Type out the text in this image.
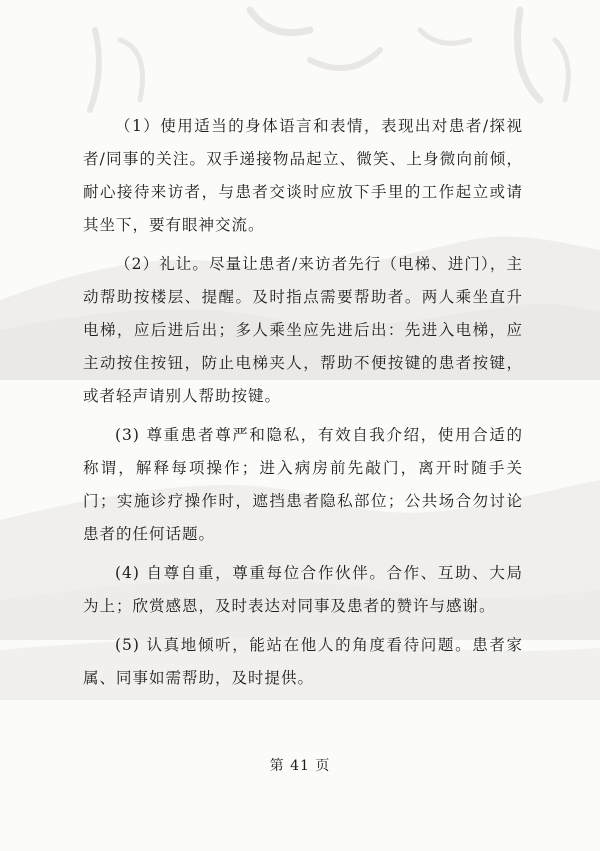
（1）使用适当的身体语言和表情，表现出对患者/探视者/同事的关注。双手递接物品起立、微笑、上身微向前倾，耐心接待来访者，与患者交谈时应放下手里的工作起立或请其坐下，要有眼神交流。

（2）礼让。尽量让患者/来访者先行（电梯、进门），主动帮助按楼层、提醒。及时指点需要帮助者。两人乘坐直升电梯，应后进后出；多人乘坐应先进后出：先进入电梯，应主动按住按钮，防止电梯夹人，帮助不便按键的患者按键，或者轻声请别人帮助按键。

(3) 尊重患者尊严和隐私，有效自我介绍，使用合适的称谓，解释每项操作；进入病房前先敲门，离开时随手关门；实施诊疗操作时，遮挡患者隐私部位；公共场合勿讨论患者的任何话题。

(4) 自尊自重，尊重每位合作伙伴。合作、互助、大局为上；欣赏感恩，及时表达对同事及患者的赞许与感谢。

(5) 认真地倾听，能站在他人的角度看待问题。患者家属、同事如需帮助，及时提供。

第 41 页
